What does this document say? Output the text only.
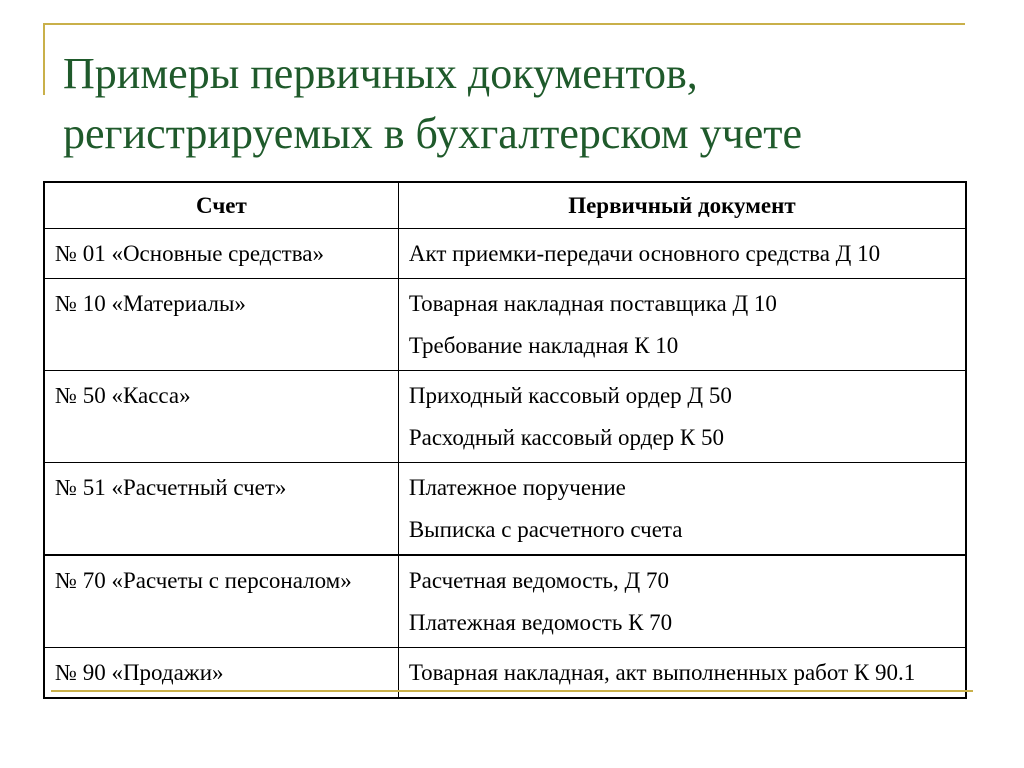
Примеры первичных документов,
регистрируемых в бухгалтерском учете
Счет	Первичный документ
№ 01 «Основные средства»	Акт приемки-передачи основного средства Д 10

№ 10 «Материалы»	Товарная накладная поставщика Д 10
Требование накладная К 10

№ 50 «Касса»	Приходный кассовый ордер Д 50
Расходный кассовый ордер К 50

№ 51 «Расчетный счет»	Платежное поручение
Выписка с расчетного счета

№ 70 «Расчеты с персоналом»	Расчетная ведомость, Д 70
Платежная ведомость К 70

№ 90 «Продажи»	Товарная накладная, акт выполненных работ К 90.1
